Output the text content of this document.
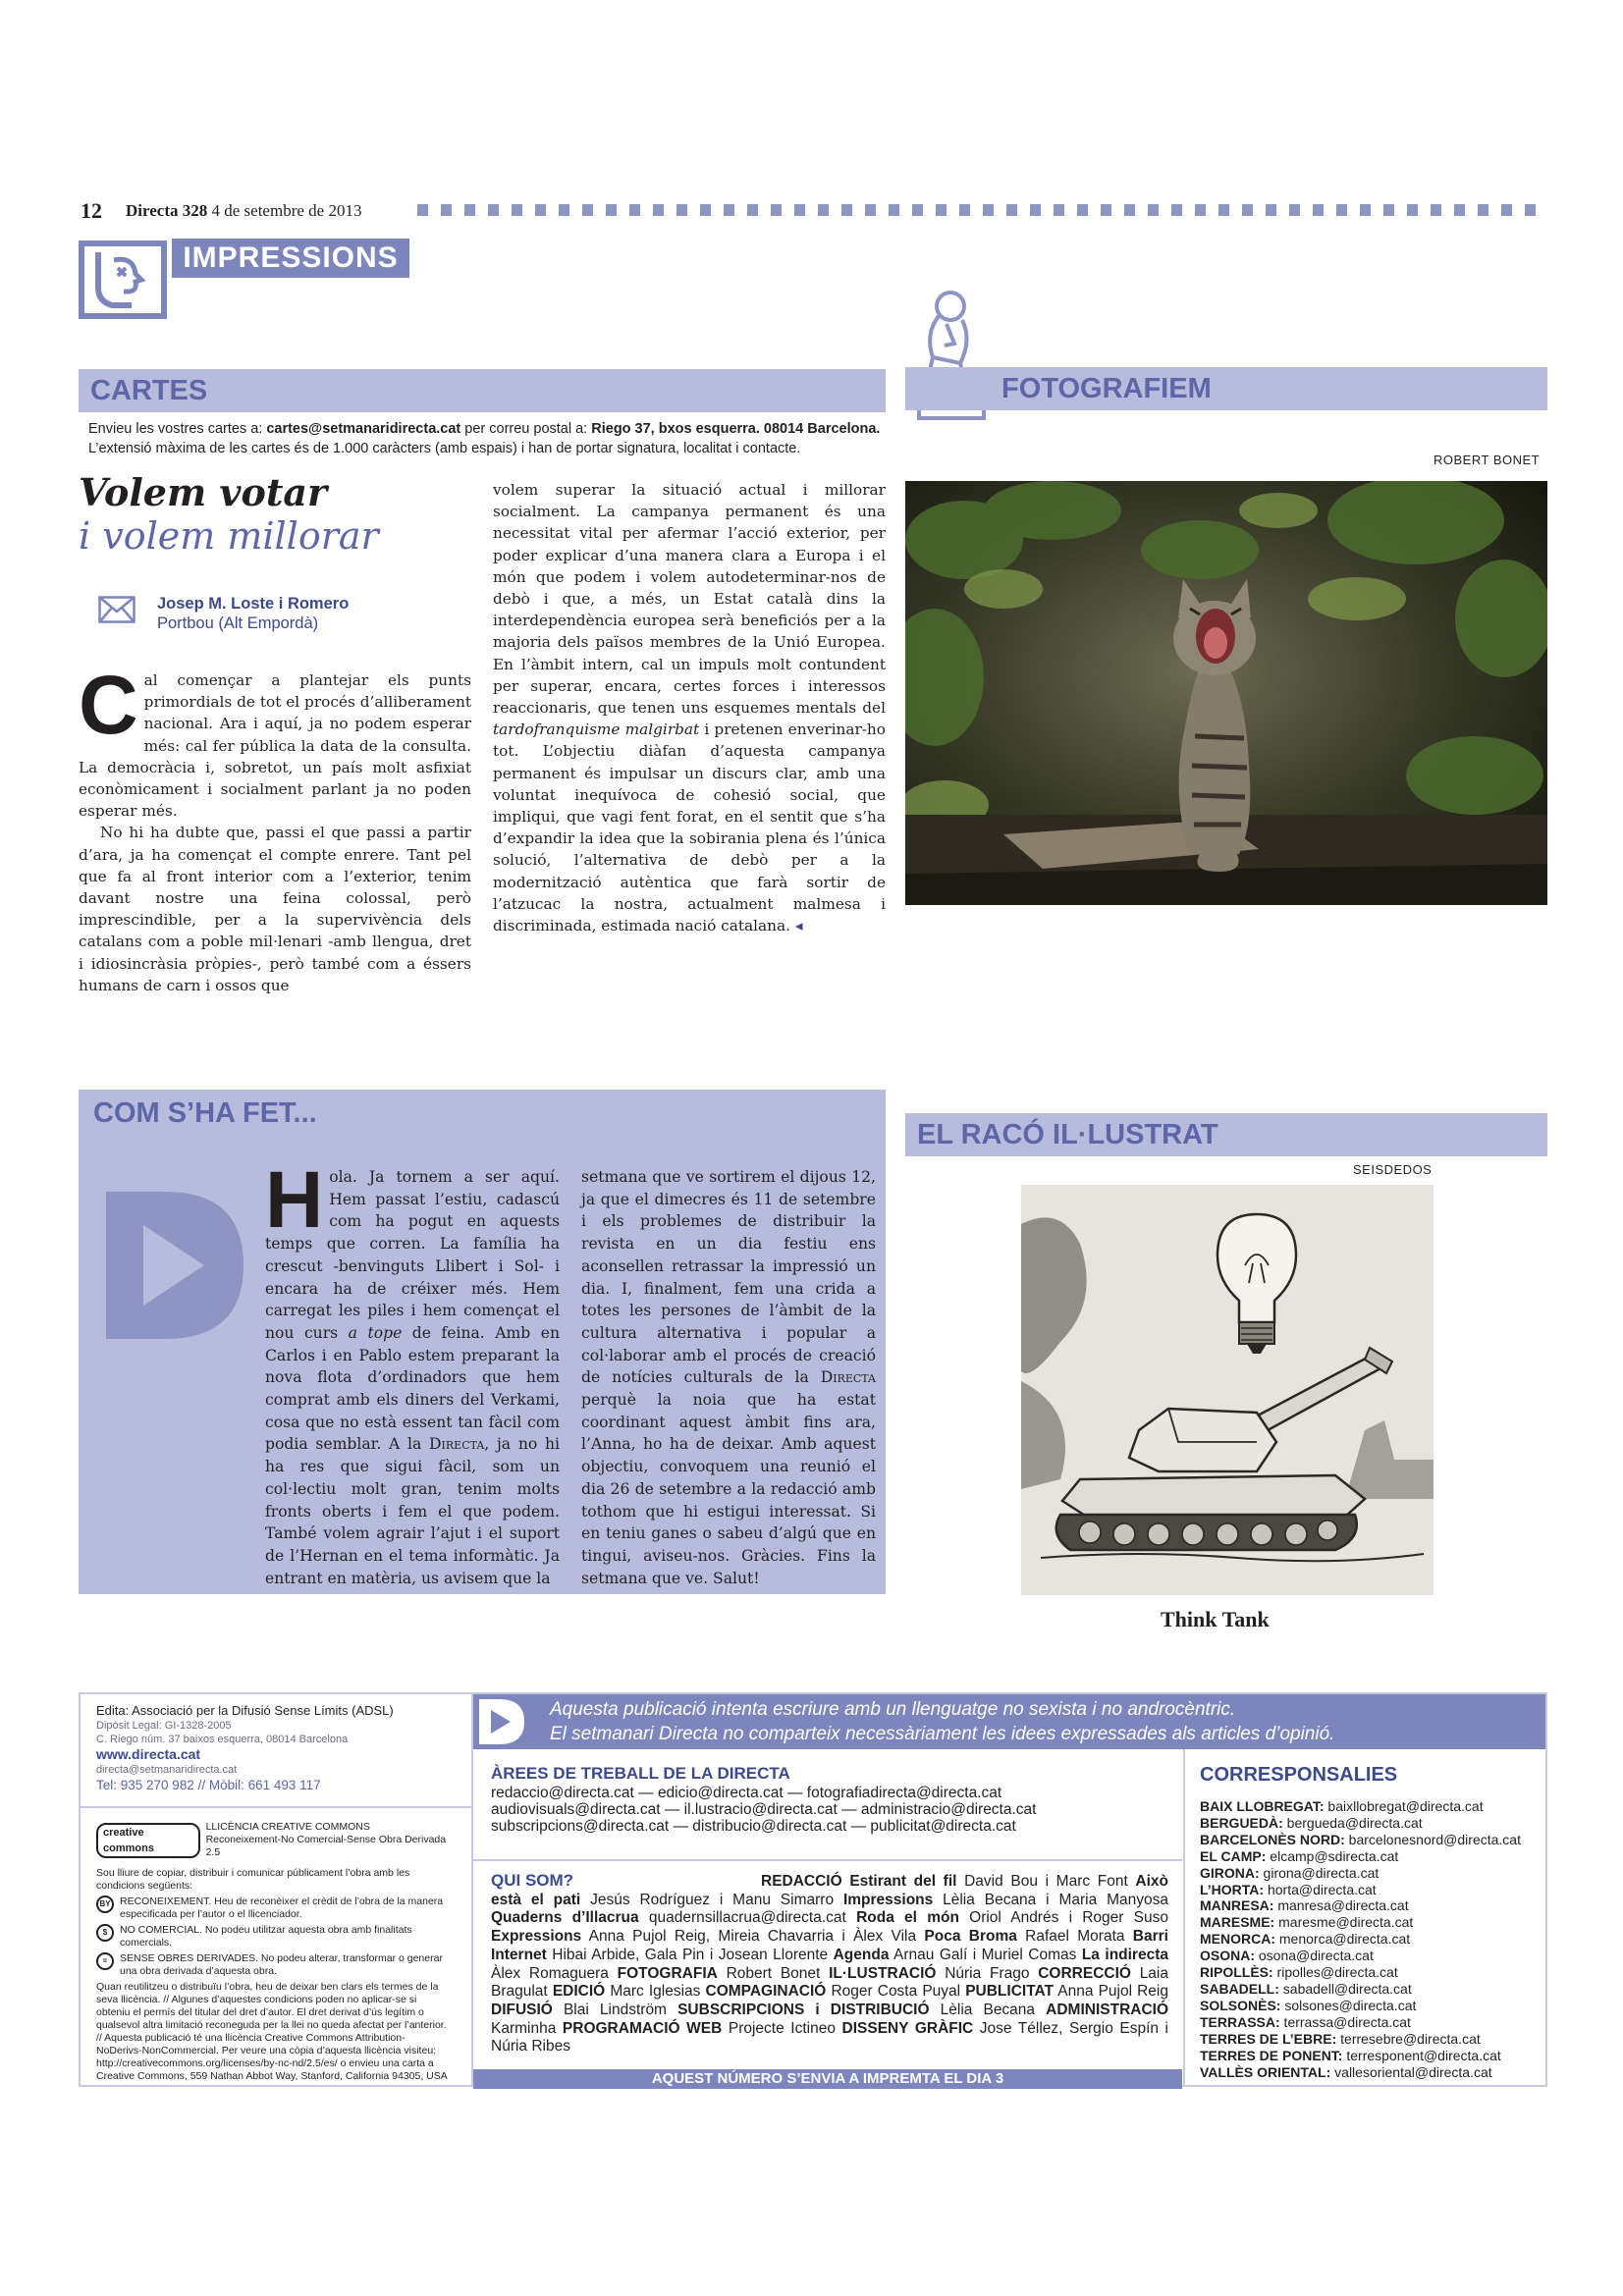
12 Directa 328 4 de setembre de 2013
IMPRESSIONS
CARTES
Envieu les vostres cartes a: cartes@setmanaridirecta.cat per correu postal a: Riego 37, bxos esquerra. 08014 Barcelona. L’extensió màxima de les cartes és de 1.000 caràcters (amb espais) i han de portar signatura, localitat i contacte.
Volem votar
i volem millorar
Josep M. Loste i Romero
Portbou (Alt Empordà)

Cal començar a plantejar els punts primordials de tot el procés d’alliberament nacional. Ara i aquí, ja no podem esperar més: cal fer pública la data de la consulta. La democràcia i, sobretot, un país molt asfixiat econòmicament i socialment parlant ja no poden esperar més.

No hi ha dubte que, passi el que passi a partir d’ara, ja ha començat el compte enrere. Tant pel que fa al front interior com a l’exterior, tenim davant nostre una feina colossal, però imprescindible, per a la supervivència dels catalans com a poble mil·lenari -amb llengua, dret i idiosincràsia pròpies-, però també com a éssers humans de carn i ossos que

volem superar la situació actual i millorar socialment. La campanya permanent és una necessitat vital per afermar l’acció exterior, per poder explicar d’una manera clara a Europa i el món que podem i volem autodeterminar-nos de debò i que, a més, un Estat català dins la interdependència europea serà beneficiós per a la majoria dels països membres de la Unió Europea. En l’àmbit intern, cal un impuls molt contundent per superar, encara, certes forces i interessos reaccionaris, que tenen uns esquemes mentals del tardofranquisme malgirbat i pretenen enverinar-ho tot. L’objectiu diàfan d’aquesta campanya permanent és impulsar un discurs clar, amb una voluntat inequívoca de cohesió social, que impliqui, que vagi fent forat, en el sentit que s’ha d’expandir la idea que la sobirania plena és l’única solució, l’alternativa de debò per a la modernització autèntica que farà sortir de l’atzucac la nostra, actualment malmesa i discriminada, estimada nació catalana. ◂

FOTOGRAFIEM
ROBERT BONET
COM S’HA FET...

Hola. Ja tornem a ser aquí. Hem passat l’estiu, cadascú com ha pogut en aquests temps que corren. La família ha crescut -benvinguts Llibert i Sol- i encara ha de créixer més. Hem carregat les piles i hem començat el nou curs a tope de feina. Amb en Carlos i en Pablo estem preparant la nova flota d’ordinadors que hem comprat amb els diners del Verkami, cosa que no està essent tan fàcil com podia semblar. A la Directa, ja no hi ha res que sigui fàcil, som un col·lectiu molt gran, tenim molts fronts oberts i fem el que podem. També volem agrair l’ajut i el suport de l’Hernan en el tema informàtic. Ja entrant en matèria, us avisem que la

setmana que ve sortirem el dijous 12, ja que el dimecres és 11 de setembre i els problemes de distribuir la revista en un dia festiu ens aconsellen retrassar la impressió un dia. I, finalment, fem una crida a totes les persones de l’àmbit de la cultura alternativa i popular a col·laborar amb el procés de creació de notícies culturals de la Directa perquè la noia que ha estat coordinant aquest àmbit fins ara, l’Anna, ho ha de deixar. Amb aquest objectiu, convoquem una reunió el dia 26 de setembre a la redacció amb tothom que hi estigui interessat. Si en teniu ganes o sabeu d’algú que en tingui, aviseu-nos. Gràcies. Fins la setmana que ve. Salut!

EL RACÓ IL·LUSTRAT
SEISDEDOS
Think Tank
Edita: Associació per la Difusió Sense Límits (ADSL)
Dipòsit Legal: GI-1328-2005
C. Riego núm. 37 baixos esquerra, 08014 Barcelona
www.directa.cat
directa@setmanaridirecta.cat
Tel: 935 270 982 // Mòbil: 661 493 117
creative commons
LLICÈNCIA CREATIVE COMMONS
Reconeixement-No Comercial-Sense Obra Derivada 2.5
Sou lliure de copiar, distribuir i comunicar públicament l’obra amb les condicions següents:
BY RECONEIXEMENT. Heu de reconèixer el crèdit de l’obra de la manera especificada per l’autor o el llicenciador.
$	NO COMERCIAL. No podeu utilitzar aquesta obra amb finalitats comercials.
=	SENSE OBRES DERIVADES. No podeu alterar, transformar o generar una obra derivada d’aquesta obra.
Quan reutilitzeu o distribuïu l’obra, heu de deixar ben clars els termes de la seva llicència. // Algunes d’aquestes condicions poden no aplicar-se si obteniu el permís del titular del dret d’autor. El dret derivat d’ús legítim o qualsevol altra limitació reconeguda per la llei no queda afectat per l’anterior. // Aquesta publicació té una llicència Creative Commons Attribution-NoDerivs-NonCommercial. Per veure una còpia d’aquesta llicència visiteu: http://creativecommons.org/licenses/by-nc-nd/2.5/es/ o envieu una carta a Creative Commons, 559 Nathan Abbot Way, Stanford, California 94305, USA
Aquesta publicació intenta escriure amb un llenguatge no sexista i no androcèntric.
El setmanari Directa no comparteix necessàriament les idees expressades als articles d’opinió.
ÀREES DE TREBALL DE LA DIRECTA
redaccio@directa.cat — edicio@directa.cat — fotografiadirecta@directa.cat
audiovisuals@directa.cat — il.lustracio@directa.cat — administracio@directa.cat
subscripcions@directa.cat — distribucio@directa.cat — publicitat@directa.cat
QUI SOM?	REDACCIÓ Estirant del fil David Bou i Marc Font Això està el pati Jesús Rodríguez i Manu Simarro Impressions Lèlia Becana i Maria Manyosa Quaderns d’Illacrua quadernsillacrua@directa.cat Roda el món Oriol Andrés i Roger Suso Expressions Anna Pujol Reig, Mireia Chavarria i Àlex Vila Poca Broma Rafael Morata Barri Internet Hibai Arbide, Gala Pin i Josean Llorente Agenda Arnau Galí i Muriel Comas La indirecta Àlex Romaguera FOTOGRAFIA Robert Bonet IL·LUSTRACIÓ Núria Frago CORRECCIÓ Laia Bragulat EDICIÓ Marc Iglesias COMPAGINACIÓ Roger Costa Puyal PUBLICITAT Anna Pujol Reig DIFUSIÓ Blai Lindström SUBSCRIPCIONS i DISTRIBUCIÓ Lèlia Becana ADMINISTRACIÓ Karminha PROGRAMACIÓ WEB Projecte Ictineo DISSENY GRÀFIC Jose Téllez, Sergio Espín i Núria Ribes
AQUEST NÚMERO S’ENVIA A IMPREMTA EL DIA 3
CORRESPONSALIES
BAIX LLOBREGAT: baixllobregat@directa.cat
BERGUEDÀ: bergueda@directa.cat
BARCELONÈS NORD: barcelonesnord@directa.cat
EL CAMP: elcamp@sdirecta.cat
GIRONA: girona@directa.cat
L’HORTA: horta@directa.cat
MANRESA: manresa@directa.cat
MARESME: maresme@directa.cat
MENORCA: menorca@directa.cat
OSONA: osona@directa.cat
RIPOLLÈS: ripolles@directa.cat
SABADELL: sabadell@directa.cat
SOLSONÈS: solsones@directa.cat
TERRASSA: terrassa@directa.cat
TERRES DE L’EBRE: terresebre@directa.cat
TERRES DE PONENT: terresponent@directa.cat
VALLÈS ORIENTAL: vallesoriental@directa.cat
